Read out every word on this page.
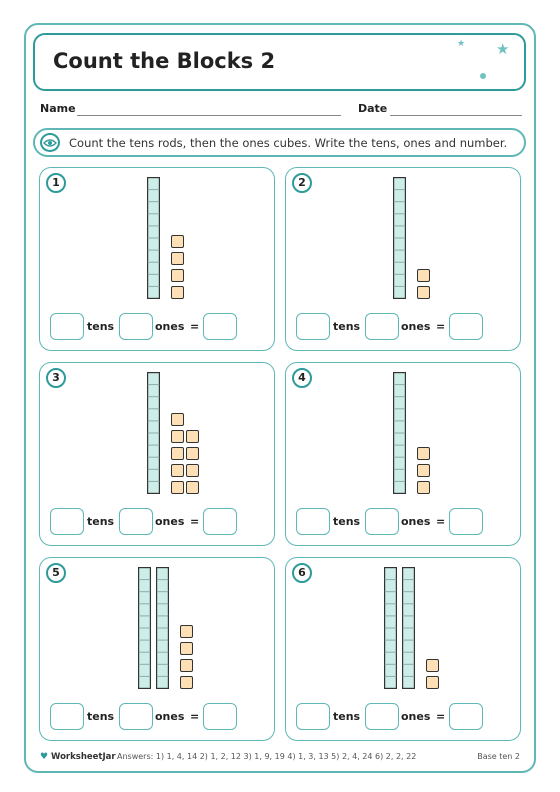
Count the Blocks 2
★ ★
Name	Date
Count the tens rods, then the ones cubes. Write the tens, ones and number.
1
tens	ones =
2
tens	ones =
3
tens	ones =
4
tens	ones =
5
tens	ones =
6
tens	ones =
♥ WorksheetJar Answers: 1) 1, 4, 14 2) 1, 2, 12 3) 1, 9, 19 4) 1, 3, 13 5) 2, 4, 24 6) 2, 2, 22	Base ten 2
